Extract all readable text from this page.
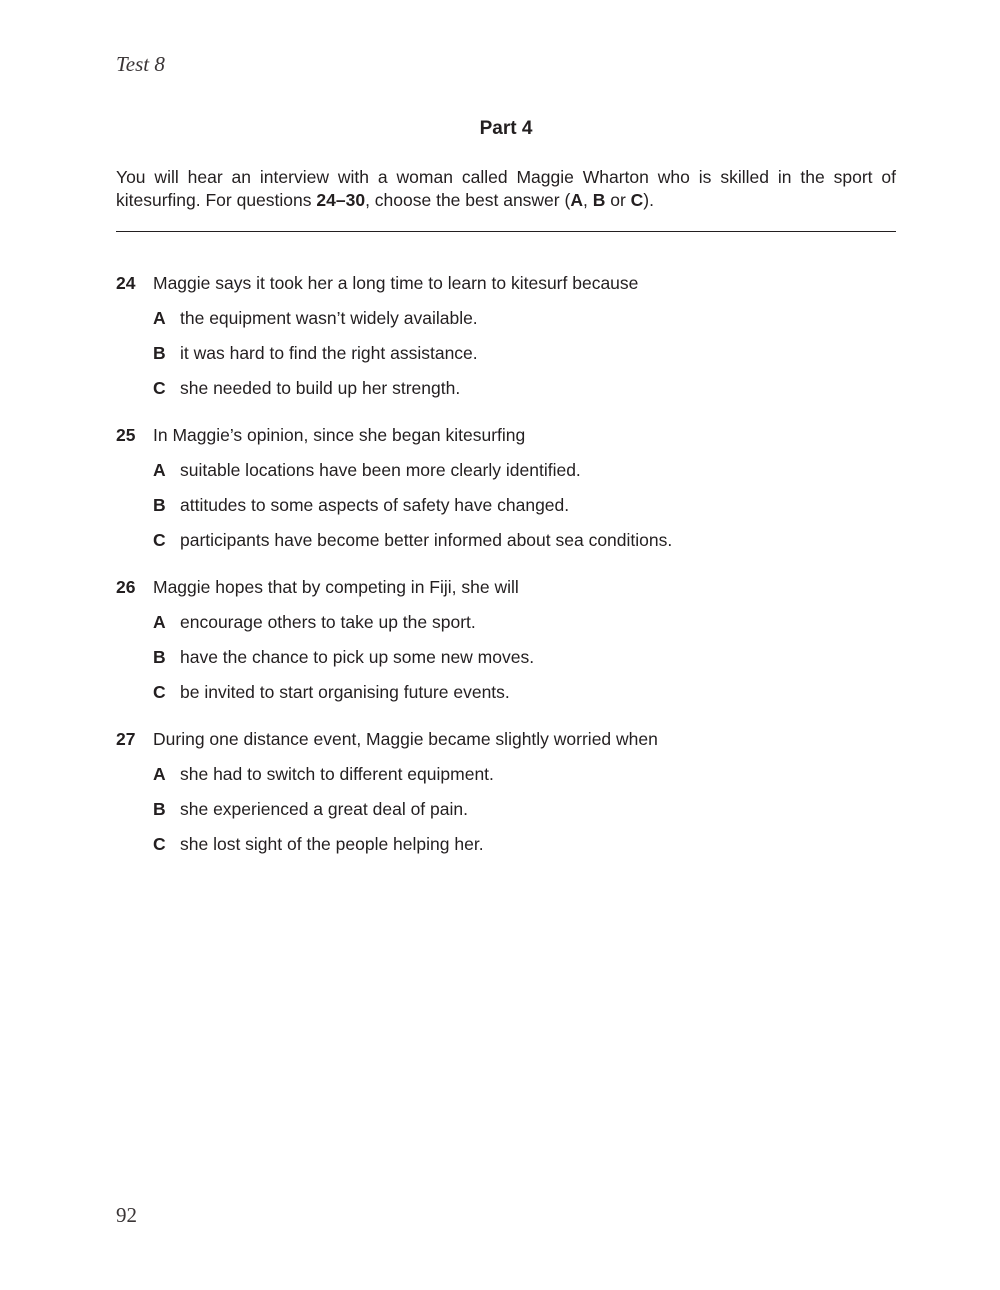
Test 8
Part 4
You will hear an interview with a woman called Maggie Wharton who is skilled in the sport of kitesurfing. For questions 24–30, choose the best answer (A, B or C).
24	Maggie says it took her a long time to learn to kitesurf because
A the equipment wasn’t widely available.
B it was hard to find the right assistance.
C she needed to build up her strength.
25	In Maggie’s opinion, since she began kitesurfing
A suitable locations have been more clearly identified.
B attitudes to some aspects of safety have changed.
C participants have become better informed about sea conditions.
26	Maggie hopes that by competing in Fiji, she will
A encourage others to take up the sport.
B have the chance to pick up some new moves.
C be invited to start organising future events.
27	During one distance event, Maggie became slightly worried when
A she had to switch to different equipment.
B she experienced a great deal of pain.
C she lost sight of the people helping her.
92
